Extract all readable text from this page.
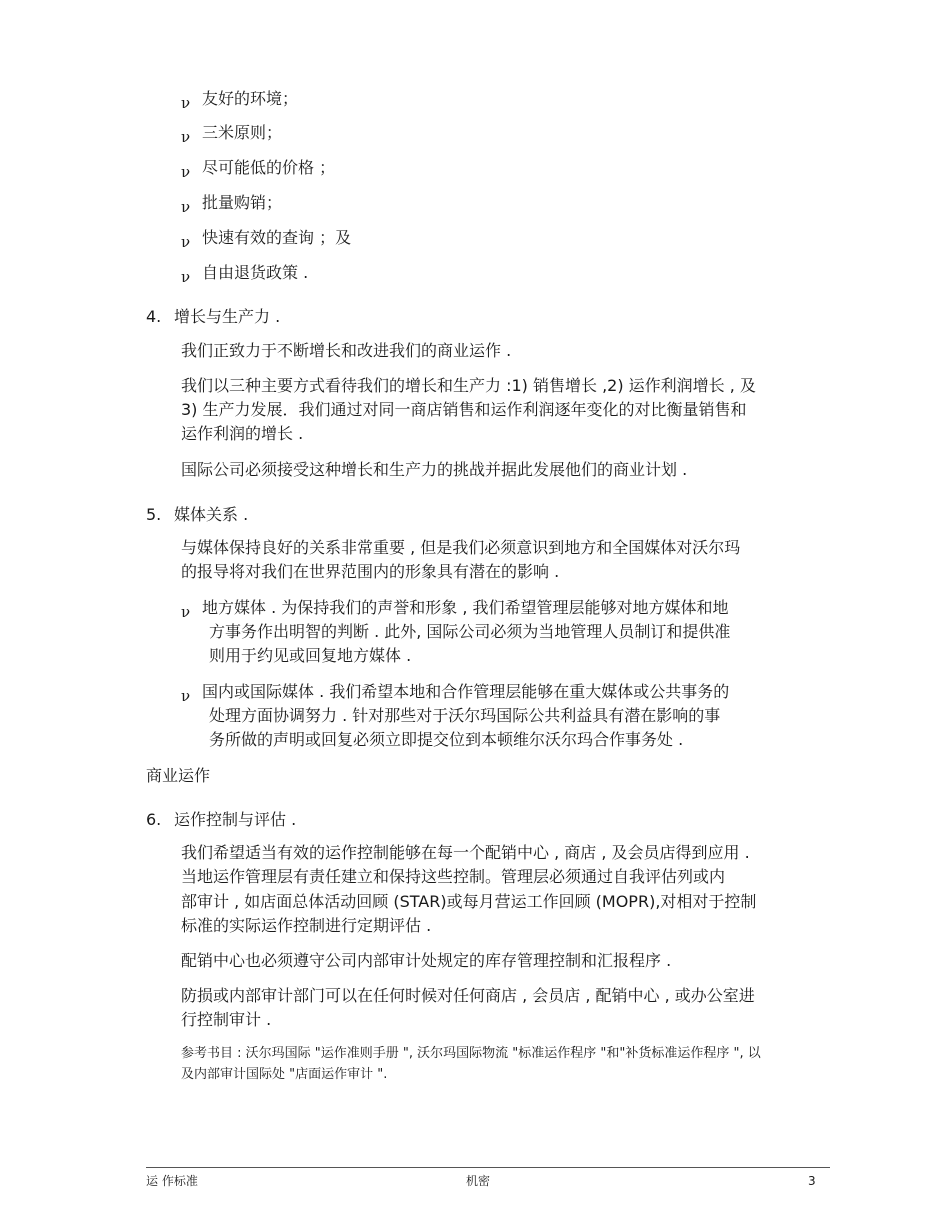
ν 友好的环境；
ν 三米原则；
ν 尽可能低的价格 ；
ν 批量购销；
ν 快速有效的查询 ；及
ν 自由退货政策 .
4. 增长与生产力 .
我们正致力于不断增长和改进我们的商业运作 .
我们以三种主要方式看待我们的增长和生产力 :1) 销售增长 ,2) 运作利润增长 , 及
3) 生产力发展．我们通过对同一商店销售和运作利润逐年变化的对比衡量销售和
运作利润的增长 .
国际公司必须接受这种增长和生产力的挑战并据此发展他们的商业计划 .
5. 媒体关系 .
与媒体保持良好的关系非常重要 , 但是我们必须意识到地方和全国媒体对沃尔玛
的报导将对我们在世界范围内的形象具有潜在的影响 .
ν 地方媒体 . 为保持我们的声誉和形象 , 我们希望管理层能够对地方媒体和地
方事务作出明智的判断 . 此外, 国际公司必须为当地管理人员制订和提供准
则用于约见或回复地方媒体 .
ν 国内或国际媒体 . 我们希望本地和合作管理层能够在重大媒体或公共事务的
处理方面协调努力 . 针对那些对于沃尔玛国际公共利益具有潜在影响的事
务所做的声明或回复必须立即提交位到本顿维尔沃尔玛合作事务处 .
商业运作
6. 运作控制与评估 .
我们希望适当有效的运作控制能够在每一个配销中心 , 商店 , 及会员店得到应用 .
当地运作管理层有责任建立和保持这些控制。管理层必须通过自我评估列或内
部审计 , 如店面总体活动回顾 (STAR)或每月营运工作回顾 (MOPR),对相对于控制
标准的实际运作控制进行定期评估 .
配销中心也必须遵守公司内部审计处规定的库存管理控制和汇报程序 .
防损或内部审计部门可以在任何时候对任何商店 , 会员店 , 配销中心 , 或办公室进
行控制审计 .
参考书目 : 沃尔玛国际 "运作准则手册 ", 沃尔玛国际物流 "标准运作程序 "和"补货标准运作程序 ", 以
及内部审计国际处 "店面运作审计 ".
运 作标准	机密	3
